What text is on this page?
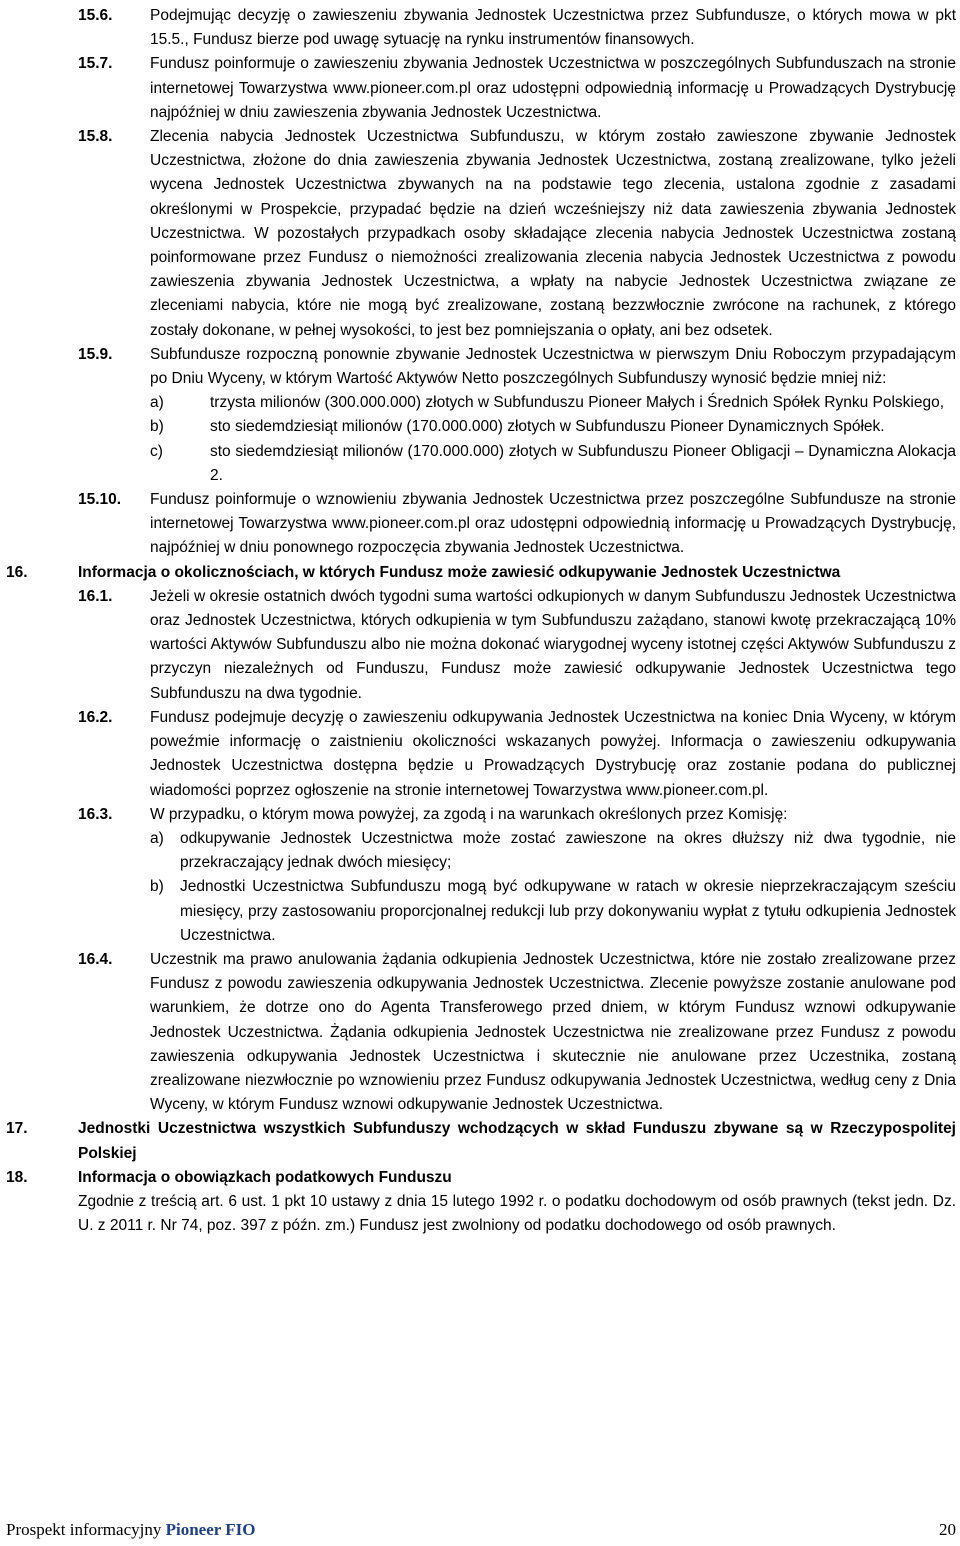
15.6.	Podejmując decyzję o zawieszeniu zbywania Jednostek Uczestnictwa przez Subfundusze, o których mowa w pkt 15.5., Fundusz bierze pod uwagę sytuację na rynku instrumentów finansowych.
15.7.	Fundusz poinformuje o zawieszeniu zbywania Jednostek Uczestnictwa w poszczególnych Subfunduszach na stronie internetowej Towarzystwa www.pioneer.com.pl oraz udostępni odpowiednią informację u Prowadzących Dystrybucję najpóźniej w dniu zawieszenia zbywania Jednostek Uczestnictwa.
15.8.	Zlecenia nabycia Jednostek Uczestnictwa Subfunduszu, w którym zostało zawieszone zbywanie Jednostek Uczestnictwa, złożone do dnia zawieszenia zbywania Jednostek Uczestnictwa, zostaną zrealizowane, tylko jeżeli wycena Jednostek Uczestnictwa zbywanych na na podstawie tego zlecenia, ustalona zgodnie z zasadami określonymi w Prospekcie, przypadać będzie na dzień wcześniejszy niż data zawieszenia zbywania Jednostek Uczestnictwa. W pozostałych przypadkach osoby składające zlecenia nabycia Jednostek Uczestnictwa zostaną poinformowane przez Fundusz o niemożności zrealizowania zlecenia nabycia Jednostek Uczestnictwa z powodu zawieszenia zbywania Jednostek Uczestnictwa, a wpłaty na nabycie Jednostek Uczestnictwa związane ze zleceniami nabycia, które nie mogą być zrealizowane, zostaną bezzwłocznie zwrócone na rachunek, z którego zostały dokonane, w pełnej wysokości, to jest bez pomniejszania o opłaty, ani bez odsetek.
15.9.	Subfundusze rozpoczną ponownie zbywanie Jednostek Uczestnictwa w pierwszym Dniu Roboczym przypadającym po Dniu Wyceny, w którym Wartość Aktywów Netto poszczególnych Subfunduszy wynosić będzie mniej niż:
a)	trzysta milionów (300.000.000) złotych w Subfunduszu Pioneer Małych i Średnich Spółek Rynku Polskiego,
b)	sto siedemdziesiąt milionów (170.000.000) złotych w Subfunduszu Pioneer Dynamicznych Spółek.
c)	sto siedemdziesiąt milionów (170.000.000) złotych w Subfunduszu Pioneer Obligacji – Dynamiczna Alokacja 2.
15.10.	Fundusz poinformuje o wznowieniu zbywania Jednostek Uczestnictwa przez poszczególne Subfundusze na stronie internetowej Towarzystwa www.pioneer.com.pl oraz udostępni odpowiednią informację u Prowadzących Dystrybucję, najpóźniej w dniu ponownego rozpoczęcia zbywania Jednostek Uczestnictwa.
16.	Informacja o okolicznościach, w których Fundusz może zawiesić odkupywanie Jednostek Uczestnictwa
16.1.	Jeżeli w okresie ostatnich dwóch tygodni suma wartości odkupionych w danym Subfunduszu Jednostek Uczestnictwa oraz Jednostek Uczestnictwa, których odkupienia w tym Subfunduszu zażądano, stanowi kwotę przekraczającą 10% wartości Aktywów Subfunduszu albo nie można dokonać wiarygodnej wyceny istotnej części Aktywów Subfunduszu z przyczyn niezależnych od Funduszu, Fundusz może zawiesić odkupywanie Jednostek Uczestnictwa tego Subfunduszu na dwa tygodnie.
16.2.	Fundusz podejmuje decyzję o zawieszeniu odkupywania Jednostek Uczestnictwa na koniec Dnia Wyceny, w którym poweźmie informację o zaistnieniu okoliczności wskazanych powyżej. Informacja o zawieszeniu odkupywania Jednostek Uczestnictwa dostępna będzie u Prowadzących Dystrybucję oraz zostanie podana do publicznej wiadomości poprzez ogłoszenie na stronie internetowej Towarzystwa www.pioneer.com.pl.
16.3.	W przypadku, o którym mowa powyżej, za zgodą i na warunkach określonych przez Komisję:
a)	odkupywanie Jednostek Uczestnictwa może zostać zawieszone na okres dłuższy niż dwa tygodnie, nie przekraczający jednak dwóch miesięcy;
b)	Jednostki Uczestnictwa Subfunduszu mogą być odkupywane w ratach w okresie nieprzekraczającym sześciu miesięcy, przy zastosowaniu proporcjonalnej redukcji lub przy dokonywaniu wypłat z tytułu odkupienia Jednostek Uczestnictwa.
16.4.	Uczestnik ma prawo anulowania żądania odkupienia Jednostek Uczestnictwa, które nie zostało zrealizowane przez Fundusz z powodu zawieszenia odkupywania Jednostek Uczestnictwa. Zlecenie powyższe zostanie anulowane pod warunkiem, że dotrze ono do Agenta Transferowego przed dniem, w którym Fundusz wznowi odkupywanie Jednostek Uczestnictwa. Żądania odkupienia Jednostek Uczestnictwa nie zrealizowane przez Fundusz z powodu zawieszenia odkupywania Jednostek Uczestnictwa i skutecznie nie anulowane przez Uczestnika, zostaną zrealizowane niezwłocznie po wznowieniu przez Fundusz odkupywania Jednostek Uczestnictwa, według ceny z Dnia Wyceny, w którym Fundusz wznowi odkupywanie Jednostek Uczestnictwa.
17.	Jednostki Uczestnictwa wszystkich Subfunduszy wchodzących w skład Funduszu zbywane są w Rzeczypospolitej Polskiej
18.	Informacja o obowiązkach podatkowych Funduszu
Zgodnie z treścią art. 6 ust. 1 pkt 10 ustawy z dnia 15 lutego 1992 r. o podatku dochodowym od osób prawnych (tekst jedn. Dz. U. z 2011 r. Nr 74, poz. 397 z późn. zm.) Fundusz jest zwolniony od podatku dochodowego od osób prawnych.
Prospekt informacyjny Pioneer FIO	20
